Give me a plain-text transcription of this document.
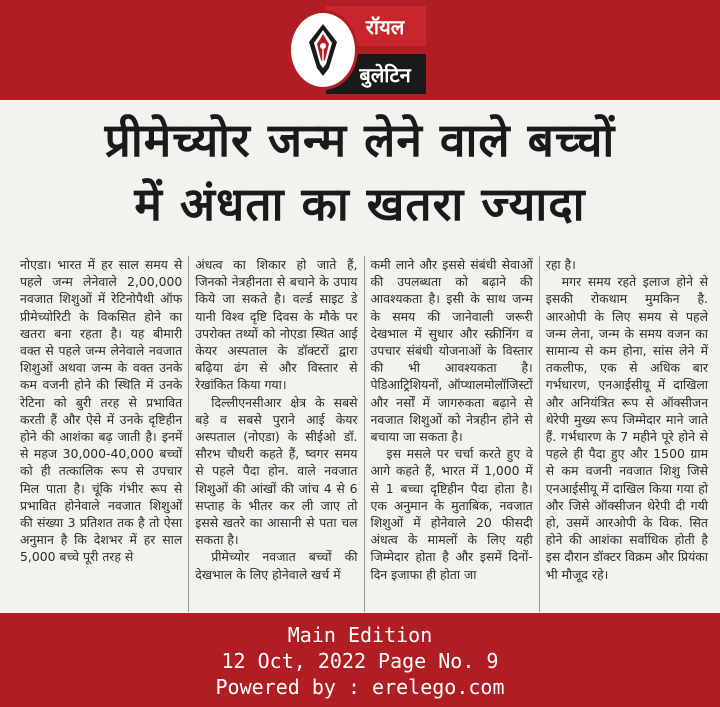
रॉयल
बुलेटिन
प्रीमेच्योर जन्म लेने वाले बच्चों
में अंधता का खतरा ज्यादा

नोएडा। भारत में हर साल समय से पहले जन्म लेनेवाले 2,00,000 नवजात शिशुओं में रेटिनोपैथी ऑफ प्रीमेच्योरिटी के विकसित होने का खतरा बना रहता है। यह बीमारी वक्त से पहले जन्म लेनेवाले नवजात शिशुओं अथवा जन्म के वक्त उनके कम वजनी होने की स्थिति में उनके रेटिना को बुरी तरह से प्रभावित करती हैं और ऐसे में उनके दृष्टिहीन होने की आशंका बढ़ जाती है। इनमें से महज 30,000-40,000 बच्चों को ही तत्कालिक रूप से उपचार मिल पाता है। चूंकि गंभीर रूप से प्रभावित होनेवाले नवजात शिशुओं की संख्या 3 प्रतिशत तक है तो ऐसा अनुमान है कि देशभर में हर साल 5,000 बच्चे पूरी तरह से

अंधत्व का शिकार हो जाते हैं, जिनको नेत्रहीनता से बचाने के उपाय किये जा सकते है। वर्ल्ड साइट डे यानी विश्व दृष्टि दिवस के मौके पर उपरोक्त तथ्यों को नोएडा स्थित आई केयर अस्पताल के डॉक्टरों द्वारा बढ़िया ढंग से और विस्तार से रेखांकित किया गया।

दिल्लीएनसीआर क्षेत्र के सबसे बड़े व सबसे पुराने आई केयर अस्पताल (नोएडा) के सीईओ डॉ. सौरभ चौधरी कहते हैं, ष्वगर समय से पहले पैदा होन. वाले नवजात शिशुओं की आंखों की जांच 4 से 6 सप्ताह के भीतर कर ली जाए तो इससे खतरे का आसानी से पता चल सकता है।

प्रीमेच्योर नवजात बच्चों की देखभाल के लिए होनेवाले खर्च में

कमी लाने और इससे संबंधी सेवाओं की उपलब्धता को बढ़ाने की आवश्यकता है। इसी के साथ जन्म के समय की जानेवाली जरूरी देखभाल में सुधार और स्क्रीनिंग व उपचार संबंधी योजनाओं के विस्तार की भी आवश्यकता है। पेडिआट्रिशियनों, ऑप्थालमोलॉजिस्टों और नर्सों में जागरुकता बढ़ाने से नवजात शिशुओं को नेत्रहीन होने से बचाया जा सकता है।

इस मसले पर चर्चा करते हुए वे आगे कहते हैं, भारत में 1,000 में से 1 बच्चा दृष्टिहीन पैदा होता है। एक अनुमान के मुताबिक, नवजात शिशुओं में होनेवाले 20 फीसदी अंधत्व के मामलों के लिए यही जिम्मेदार होता है और इसमें दिनों-दिन इजाफा ही होता जा

रहा है।

मगर समय रहते इलाज होने से इसकी रोकथाम मुमकिन है. आरओपी के लिए समय से पहले जन्म लेना, जन्म के समय वजन का सामान्य से कम होना, सांस लेने में तकलीफ, एक से अधिक बार गर्भधारण, एनआईसीयू में दाखिला और अनियंत्रित रूप से ऑक्सीजन थेरेपी मुख्य रूप जिम्मेदार माने जाते हैं. गर्भधारण के 7 महीने पूरे होने से पहले ही पैदा हुए और 1500 ग्राम से कम वजनी नवजात शिशु जिसे एनआईसीयू में दाखिल किया गया हो और जिसे ऑक्सीजन थेरेपी दी गयी हो, उसमें आरओपी के विक. सित होने की आशंका सर्वाधिक होती है इस दौरान डॉक्टर विक्रम और प्रियंका भी मौजूद रहे।

Main Edition
12 Oct, 2022 Page No. 9
Powered by : erelego.com
